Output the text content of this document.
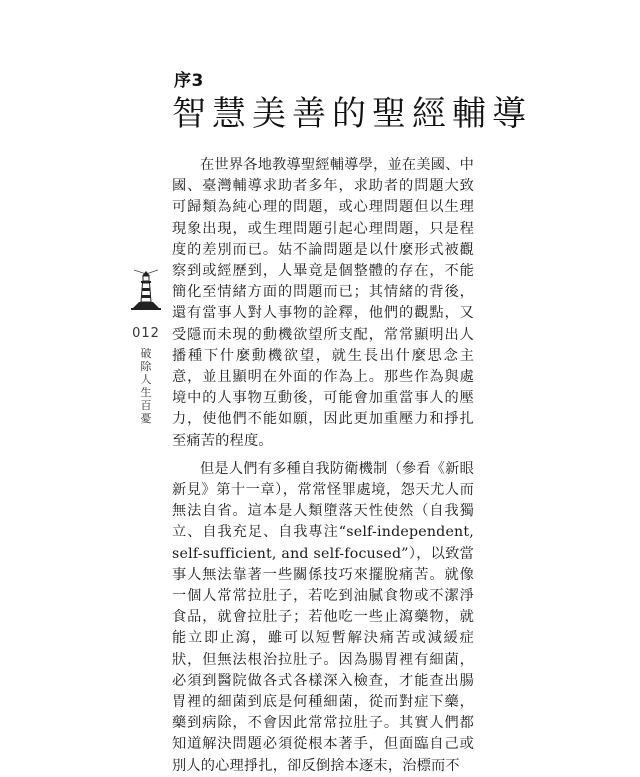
序3
智慧美善的聖經輔導

在世界各地教導聖經輔導學，並在美國、中國、臺灣輔導求助者多年，求助者的問題大致可歸類為純心理的問題，或心理問題但以生理現象出現，或生理問題引起心理問題，只是程度的差別而已。姑不論問題是以什麼形式被觀察到或經歷到，人畢竟是個整體的存在，不能簡化至情緒方面的問題而已；其情緒的背後，還有當事人對人事物的詮釋，他們的觀點，又受隱而未現的動機欲望所支配，常常顯明出人播種下什麼動機欲望，就生長出什麼思念主意，並且顯明在外面的作為上。那些作為與處境中的人事物互動後，可能會加重當事人的壓力，使他們不能如願，因此更加重壓力和掙扎至痛苦的程度。

但是人們有多種自我防衛機制（參看《新眼新見》第十一章），常常怪罪處境，怨天尤人而無法自省。這本是人類墮落天性使然（自我獨立、自我充足、自我專注“self-independent, self-sufficient, and self-focused”），以致當事人無法靠著一些關係技巧來擺脫痛苦。就像一個人常常拉肚子，若吃到油膩食物或不潔淨食品，就會拉肚子；若他吃一些止瀉藥物，就能立即止瀉，雖可以短暫解決痛苦或減緩症狀，但無法根治拉肚子。因為腸胃裡有細菌，必須到醫院做各式各樣深入檢查，才能查出腸胃裡的細菌到底是何種細菌，從而對症下藥，藥到病除，不會因此常常拉肚子。其實人們都知道解決問題必須從根本著手，但面臨自己或別人的心理掙扎，卻反倒捨本逐末，治標而不

012
破除人生百憂
